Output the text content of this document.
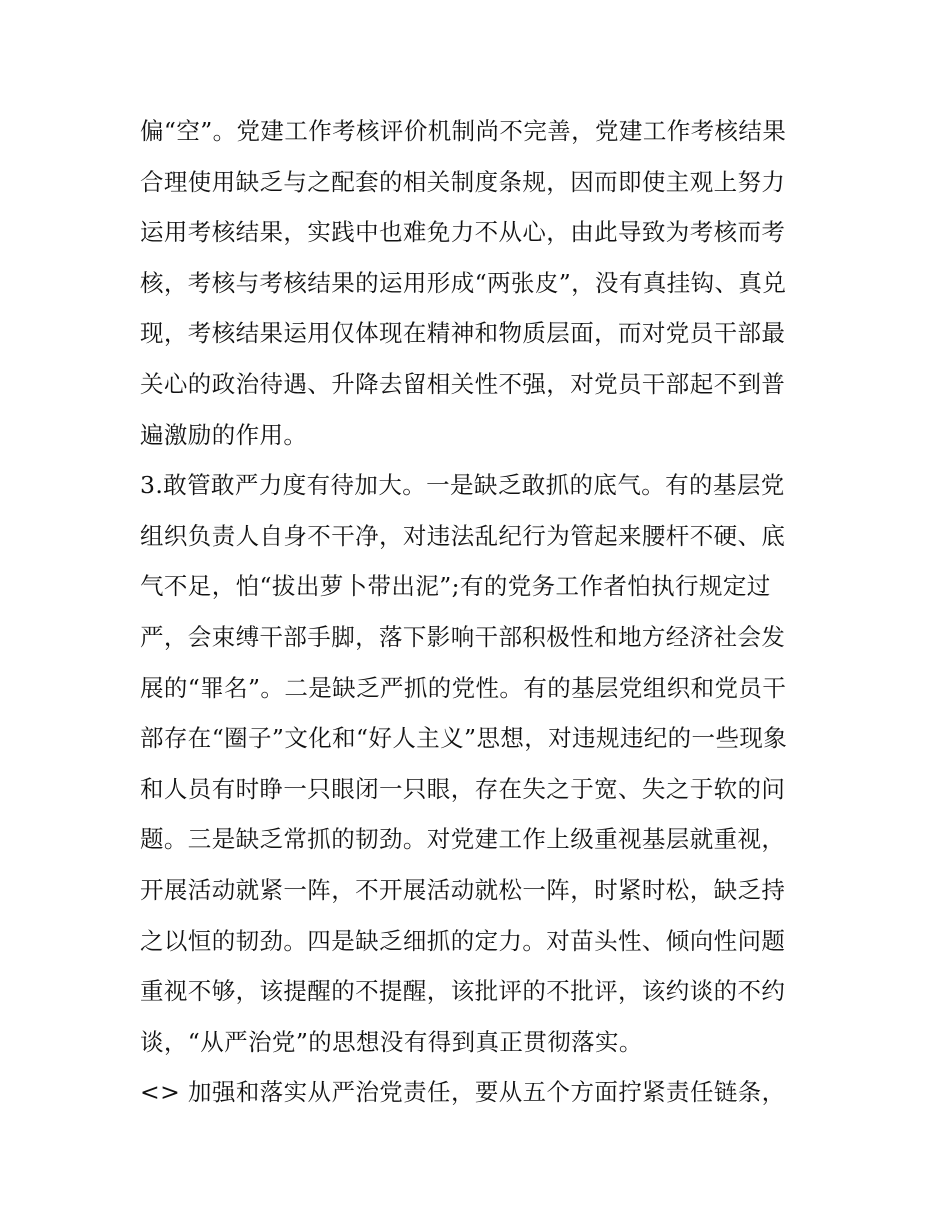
偏“空”。党建工作考核评价机制尚不完善，党建工作考核结果
合理使用缺乏与之配套的相关制度条规，因而即使主观上努力
运用考核结果，实践中也难免力不从心，由此导致为考核而考
核，考核与考核结果的运用形成“两张皮”，没有真挂钩、真兑
现，考核结果运用仅体现在精神和物质层面，而对党员干部最
关心的政治待遇、升降去留相关性不强，对党员干部起不到普
遍激励的作用。
3.敢管敢严力度有待加大。一是缺乏敢抓的底气。有的基层党
组织负责人自身不干净，对违法乱纪行为管起来腰杆不硬、底
气不足，怕“拔出萝卜带出泥”;有的党务工作者怕执行规定过
严，会束缚干部手脚，落下影响干部积极性和地方经济社会发
展的“罪名”。二是缺乏严抓的党性。有的基层党组织和党员干
部存在“圈子”文化和“好人主义”思想，对违规违纪的一些现象
和人员有时睁一只眼闭一只眼，存在失之于宽、失之于软的问
题。三是缺乏常抓的韧劲。对党建工作上级重视基层就重视，
开展活动就紧一阵，不开展活动就松一阵，时紧时松，缺乏持
之以恒的韧劲。四是缺乏细抓的定力。对苗头性、倾向性问题
重视不够，该提醒的不提醒，该批评的不批评，该约谈的不约
谈，“从严治党”的思想没有得到真正贯彻落实。
<> 加强和落实从严治党责任，要从五个方面拧紧责任链条，
